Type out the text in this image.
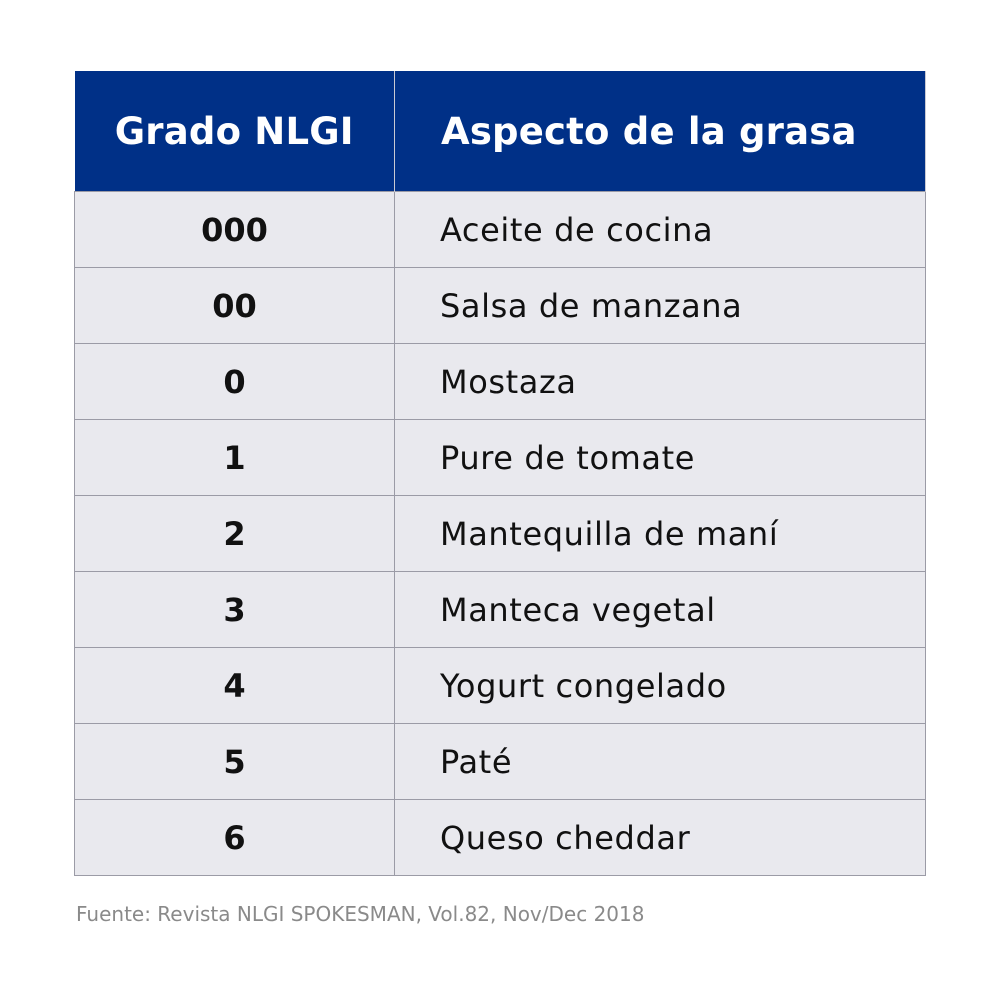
Grado NLGI	Aspecto de la grasa
000	Aceite de cocina
00	Salsa de manzana
0	Mostaza
1	Pure de tomate
2	Mantequilla de maní
3	Manteca vegetal
4	Yogurt congelado
5	Paté
6	Queso cheddar
Fuente: Revista NLGI SPOKESMAN, Vol.82, Nov/Dec 2018
